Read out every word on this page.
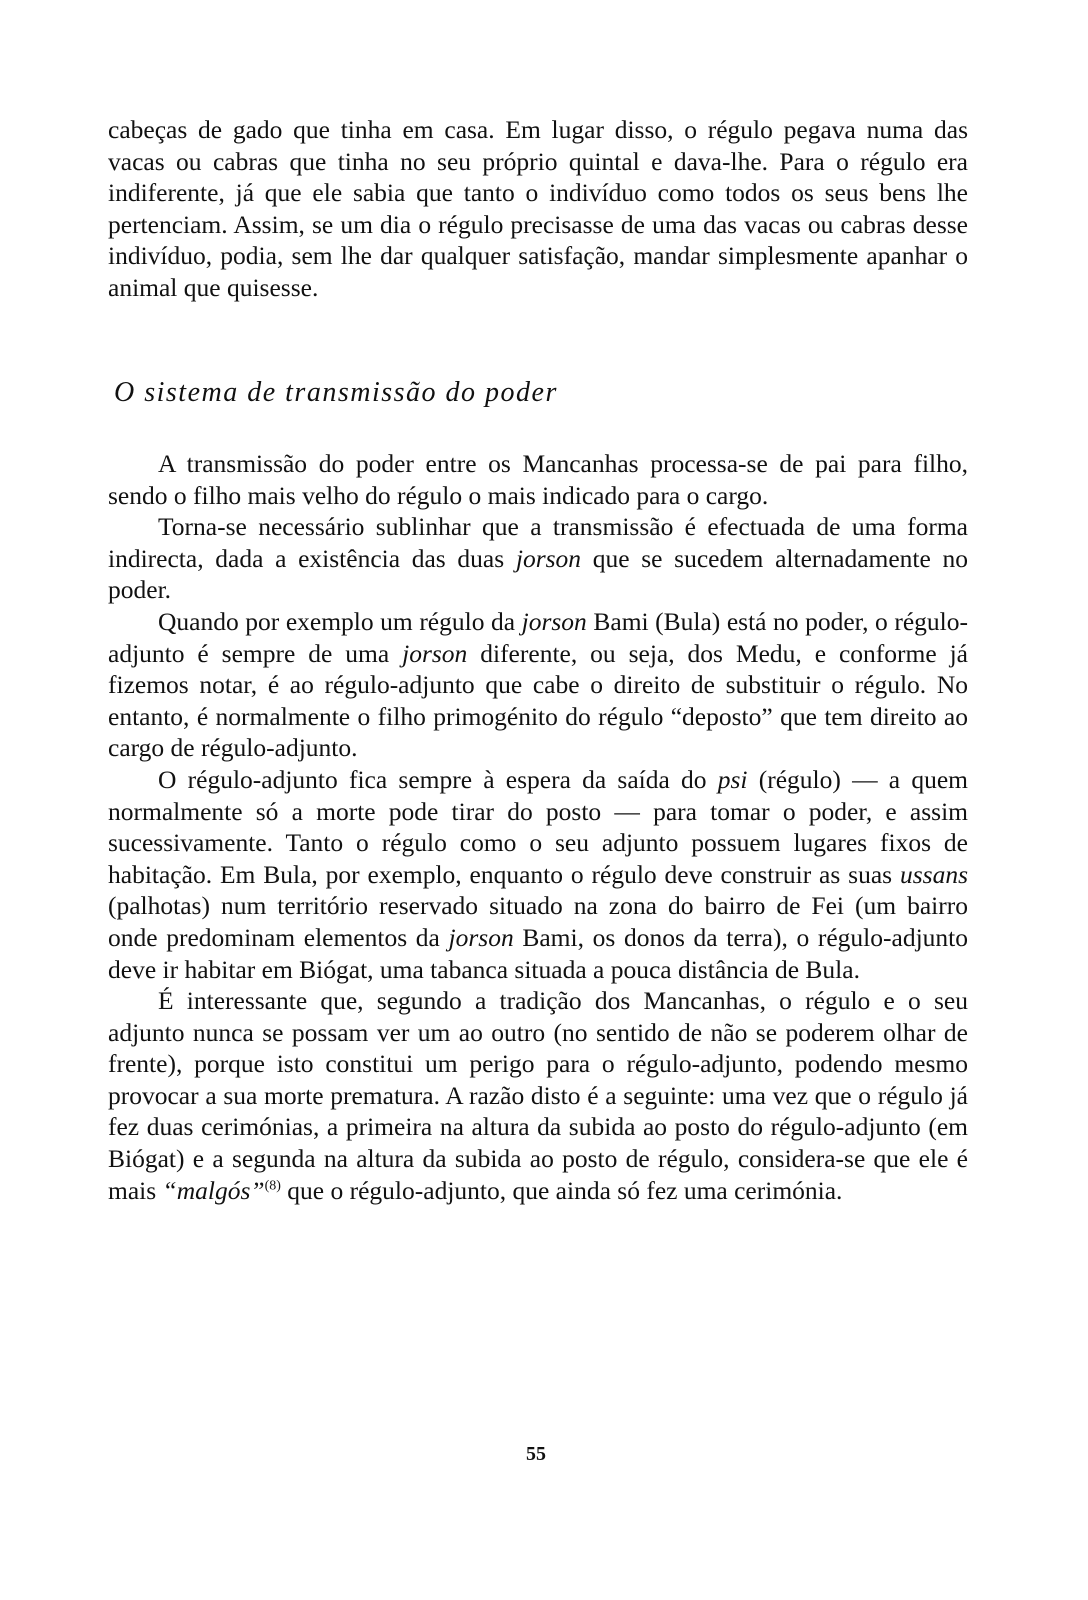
cabeças de gado que tinha em casa. Em lugar disso, o régulo pegava numa das vacas ou cabras que tinha no seu próprio quintal e dava-lhe. Para o régulo era indiferente, já que ele sabia que tanto o indivíduo como todos os seus bens lhe pertenciam. Assim, se um dia o régulo precisasse de uma das vacas ou cabras desse indivíduo, podia, sem lhe dar qualquer satisfação, mandar simplesmente apanhar o animal que quisesse.

O sistema de transmissão do poder

A transmissão do poder entre os Mancanhas processa-se de pai para filho, sendo o filho mais velho do régulo o mais indicado para o cargo.

Torna-se necessário sublinhar que a transmissão é efectuada de uma forma indirecta, dada a existência das duas jorson que se sucedem alternadamente no poder.

Quando por exemplo um régulo da jorson Bami (Bula) está no poder, o régulo-adjunto é sempre de uma jorson diferente, ou seja, dos Medu, e conforme já fizemos notar, é ao régulo-adjunto que cabe o direito de substituir o régulo. No entanto, é normalmente o filho primogénito do régulo “deposto” que tem direito ao cargo de régulo-adjunto.

O régulo-adjunto fica sempre à espera da saída do psi (régulo) — a quem normalmente só a morte pode tirar do posto — para tomar o poder, e assim sucessivamente. Tanto o régulo como o seu adjunto possuem lugares fixos de habitação. Em Bula, por exemplo, enquanto o régulo deve construir as suas ussans (palhotas) num território reservado situado na zona do bairro de Fei (um bairro onde predominam elementos da jorson Bami, os donos da terra), o régulo-adjunto deve ir habitar em Biógat, uma tabanca situada a pouca distância de Bula.

É interessante que, segundo a tradição dos Mancanhas, o régulo e o seu adjunto nunca se possam ver um ao outro (no sentido de não se poderem olhar de frente), porque isto constitui um perigo para o régulo-adjunto, podendo mesmo provocar a sua morte prematura. A razão disto é a seguinte: uma vez que o régulo já fez duas cerimónias, a primeira na altura da subida ao posto do régulo-adjunto (em Biógat) e a segunda na altura da subida ao posto de régulo, considera-se que ele é mais “malgós”$^{(8)}$ que o régulo-adjunto, que ainda só fez uma cerimónia.

55
